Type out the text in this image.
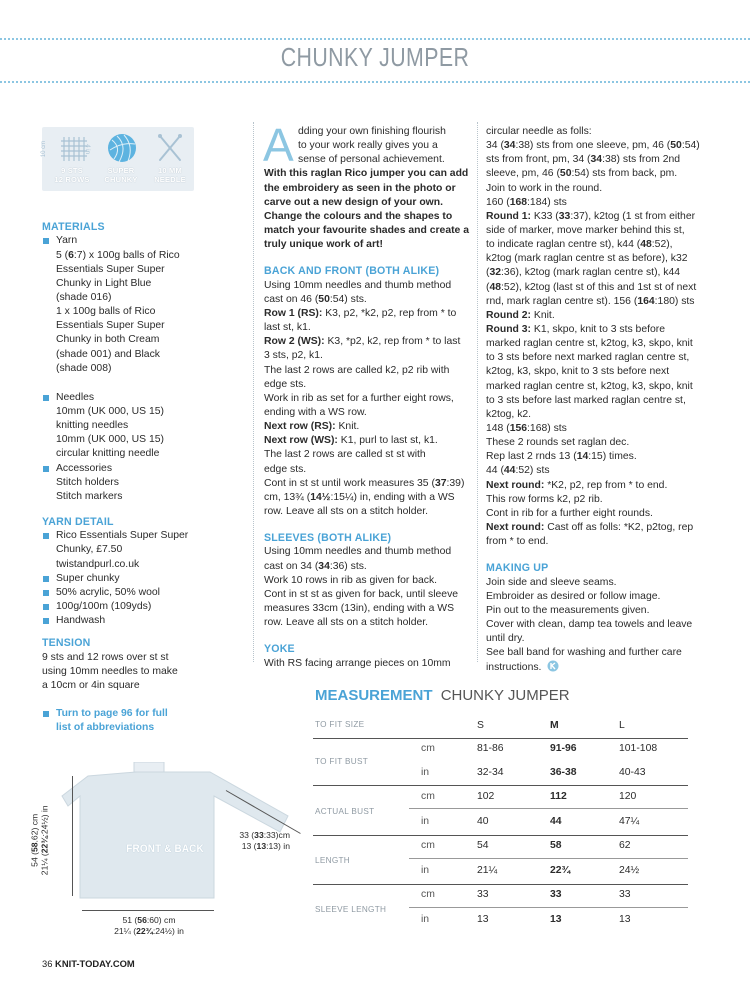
CHUNKY JUMPER
10 cm	4 in
9 STS
12 ROWS
SUPER
CHUNKY
10 MM
NEEDLE
MATERIALS
Yarn

5 (6:7) x 100g balls of Rico

Essentials Super Super

Chunky in Light Blue

(shade 016)

1 x 100g balls of Rico

Essentials Super Super

Chunky in both Cream

(shade 001) and Black

(shade 008)

Needles

10mm (UK 000, US 15)

knitting needles

10mm (UK 000, US 15)

circular knitting needle

Accessories

Stitch holders

Stitch markers

YARN DETAIL

Rico Essentials Super Super

Chunky, £7.50

twistandpurl.co.uk

Super chunky
50% acrylic, 50% wool
100g/100m (109yds)
Handwash
TENSION

9 sts and 12 rows over st st

using 10mm needles to make

a 10cm or 4in square

Turn to page 96 for full

list of abbreviations

A dding your own finishing flourish

to your work really gives you a

sense of personal achievement.

With this raglan Rico jumper you can add

the embroidery as seen in the photo or

carve out a new design of your own.

Change the colours and the shapes to

match your favourite shades and create a

truly unique work of art!

BACK AND FRONT (BOTH ALIKE)

Using 10mm needles and thumb method

cast on 46 (50:54) sts.

Row 1 (RS): K3, p2, *k2, p2, rep from * to

last st, k1.

Row 2 (WS): K3, *p2, k2, rep from * to last

3 sts, p2, k1.

The last 2 rows are called k2, p2 rib with

edge sts.

Work in rib as set for a further eight rows,

ending with a WS row.

Next row (RS): Knit.

Next row (WS): K1, purl to last st, k1.

The last 2 rows are called st st with

edge sts.

Cont in st st until work measures 35 (37:39)

cm, 13¾ (14½:15¼) in, ending with a WS

row. Leave all sts on a stitch holder.

SLEEVES (BOTH ALIKE)

Using 10mm needles and thumb method

cast on 34 (34:36) sts.

Work 10 rows in rib as given for back.

Cont in st st as given for back, until sleeve

measures 33cm (13in), ending with a WS

row. Leave all sts on a stitch holder.

YOKE

With RS facing arrange pieces on 10mm

circular needle as folls:

34 (34:38) sts from one sleeve, pm, 46 (50:54)

sts from front, pm, 34 (34:38) sts from 2nd

sleeve, pm, 46 (50:54) sts from back, pm.

Join to work in the round.

160 (168:184) sts

Round 1: K33 (33:37), k2tog (1 st from either

side of marker, move marker behind this st,

to indicate raglan centre st), k44 (48:52),

k2tog (mark raglan centre st as before), k32

(32:36), k2tog (mark raglan centre st), k44

(48:52), k2tog (last st of this and 1st st of next

rnd, mark raglan centre st). 156 (164:180) sts

Round 2: Knit.

Round 3: K1, skpo, knit to 3 sts before

marked raglan centre st, k2tog, k3, skpo, knit

to 3 sts before next marked raglan centre st,

k2tog, k3, skpo, knit to 3 sts before next

marked raglan centre st, k2tog, k3, skpo, knit

to 3 sts before last marked raglan centre st,

k2tog, k2.

148 (156:168) sts

These 2 rounds set raglan dec.

Rep last 2 rnds 13 (14:15) times.

44 (44:52) sts

Next round: *K2, p2, rep from * to end.

This row forms k2, p2 rib.

Cont in rib for a further eight rounds.

Next round: Cast off as folls: *K2, p2tog, rep

from * to end.

MAKING UP

Join side and sleeve seams.

Embroider as desired or follow image.

Pin out to the measurements given.

Cover with clean, damp tea towels and leave

until dry.

See ball band for washing and further care

instructions.

FRONT & BACK
54 (58.62) cm
21¼ (22¾:24½) in	33 (33:33)cm
13 (13:13) in
51 (56:60) cm
21¼ (22¾:24½) in
MEASUREMENT CHUNKY JUMPER
TO FIT SIZE	S	M	L
TO FIT BUST
cm	81-86	91-96	101-108
in	32-34	36-38	40-43
ACTUAL BUST
cm	102	112	120
in	40	44	47¼
LENGTH
cm	54	58	62
in	21¼	22¾	24½
SLEEVE LENGTH
cm	33	33	33
in	13	13	13
36 KNIT-TODAY.COM
